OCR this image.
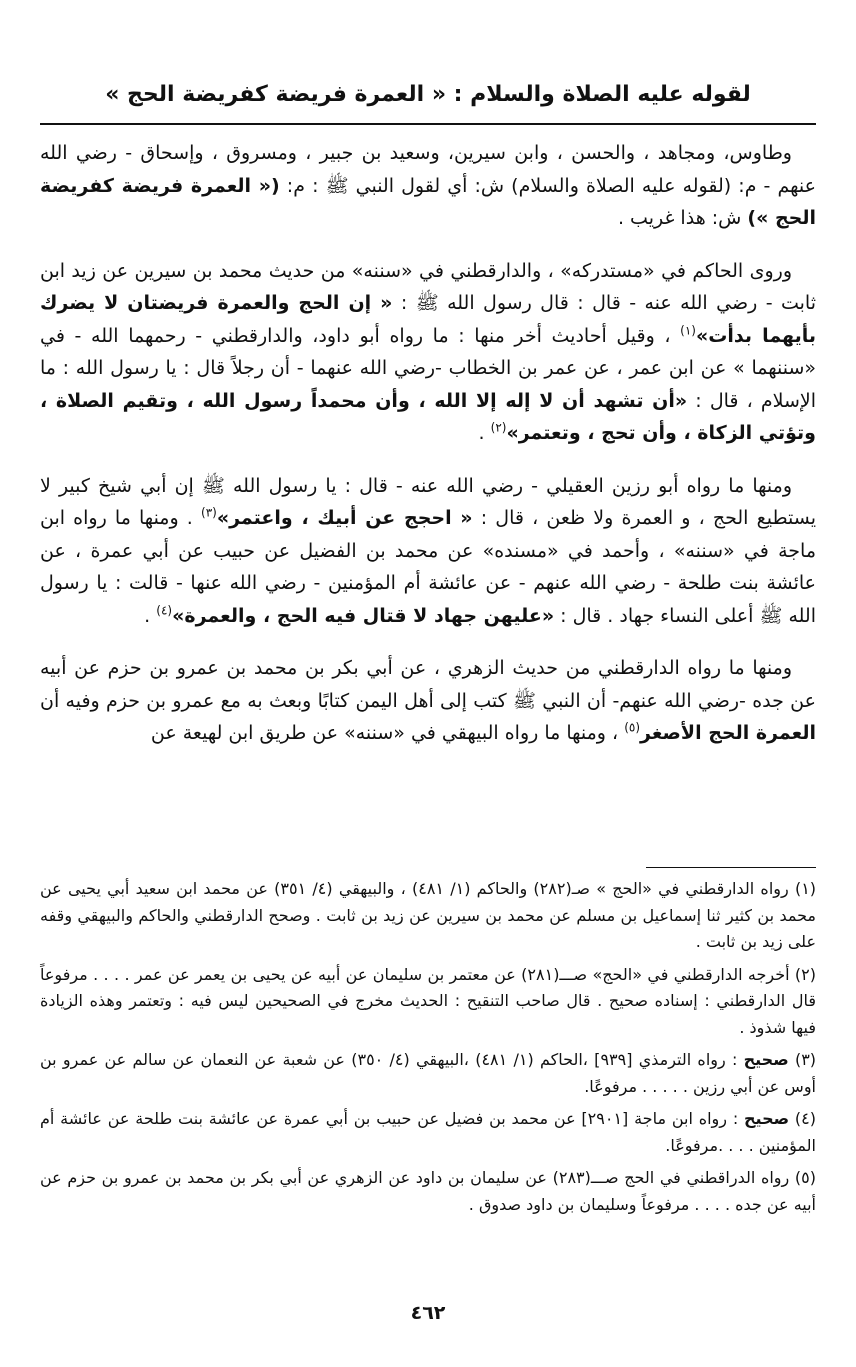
لقوله عليه الصلاة والسلام : « العمرة فريضة كفريضة الحج »

وطاوس، ومجاهد ، والحسن ، وابن سيرين، وسعيد بن جبير ، ومسروق ، وإسحاق - رضي الله عنهم - م: (لقوله عليه الصلاة والسلام) ش: أي لقول النبي ﷺ : م: (« العمرة فريضة كفريضة الحج ») ش: هذا غريب .

وروى الحاكم في «مستدركه» ، والدارقطني في «سننه» من حديث محمد بن سيرين عن زيد ابن ثابت - رضي الله عنه - قال : قال رسول الله ﷺ : « إن الحج والعمرة فريضتان لا يضرك بأيهما بدأت»$^{(١)}$ ، وقيل أحاديث أخر منها : ما رواه أبو داود، والدارقطني - رحمهما الله - في «سننهما » عن ابن عمر ، عن عمر بن الخطاب -رضي الله عنهما - أن رجلاً قال : يا رسول الله : ما الإسلام ، قال : «أن تشهد أن لا إله إلا الله ، وأن محمداً رسول الله ، وتقيم الصلاة ، وتؤتي الزكاة ، وأن تحج ، وتعتمر»$^{(٢)}$ .

ومنها ما رواه أبو رزين العقيلي - رضي الله عنه - قال : يا رسول الله ﷺ إن أبي شيخ كبير لا يستطيع الحج ، و العمرة ولا ظعن ، قال : « احجج عن أبيك ، واعتمر»$^{(٣)}$ . ومنها ما رواه ابن ماجة في «سننه» ، وأحمد في «مسنده» عن محمد بن الفضيل عن حبيب عن أبي عمرة ، عن عائشة بنت طلحة - رضي الله عنهم - عن عائشة أم المؤمنين - رضي الله عنها - قالت : يا رسول الله ﷺ أعلى النساء جهاد . قال : «عليهن جهاد لا قتال فيه الحج ، والعمرة»$^{(٤)}$ .

ومنها ما رواه الدارقطني من حديث الزهري ، عن أبي بكر بن محمد بن عمرو بن حزم عن أبيه عن جده -رضي الله عنهم- أن النبي ﷺ كتب إلى أهل اليمن كتابًا وبعث به مع عمرو بن حزم وفيه أن العمرة الحج الأصغر$^{(٥)}$ ، ومنها ما رواه البيهقي في «سننه» عن طريق ابن لهيعة عن

(١) رواه الدارقطني في «الحج » صـ(٢٨٢) والحاكم (١/ ٤٨١) ، والبيهقي (٤/ ٣٥١) عن محمد ابن سعيد أبي يحيى عن محمد بن كثير ثنا إسماعيل بن مسلم عن محمد بن سيرين عن زيد بن ثابت . وصحح الدارقطني والحاكم والبيهقي وقفه على زيد بن ثابت .
(٢) أخرجه الدارقطني في «الحج» صـــ(٢٨١) عن معتمر بن سليمان عن أبيه عن يحيى بن يعمر عن عمر . . . . مرفوعاً قال الدارقطني : إسناده صحيح . قال صاحب التنقيح : الحديث مخرج في الصحيحين ليس فيه : وتعتمر وهذه الزيادة فيها شذوذ .
(٣) صحيح : رواه الترمذي [٩٣٩] ،الحاكم (١/ ٤٨١) ،البيهقي (٤/ ٣٥٠) عن شعبة عن النعمان عن سالم عن عمرو بن أوس عن أبي رزين . . . . . مرفوعًا.
(٤) صحيح : رواه ابن ماجة [٢٩٠١] عن محمد بن فضيل عن حبيب بن أبي عمرة عن عائشة بنت طلحة عن عائشة أم المؤمنين . . . .مرفوعًا.
(٥) رواه الدراقطني في الحج صـــ(٢٨٣) عن سليمان بن داود عن الزهري عن أبي بكر بن محمد بن عمرو بن حزم عن أبيه عن جده . . . . مرفوعاً وسليمان بن داود صدوق .
٤٦٢
